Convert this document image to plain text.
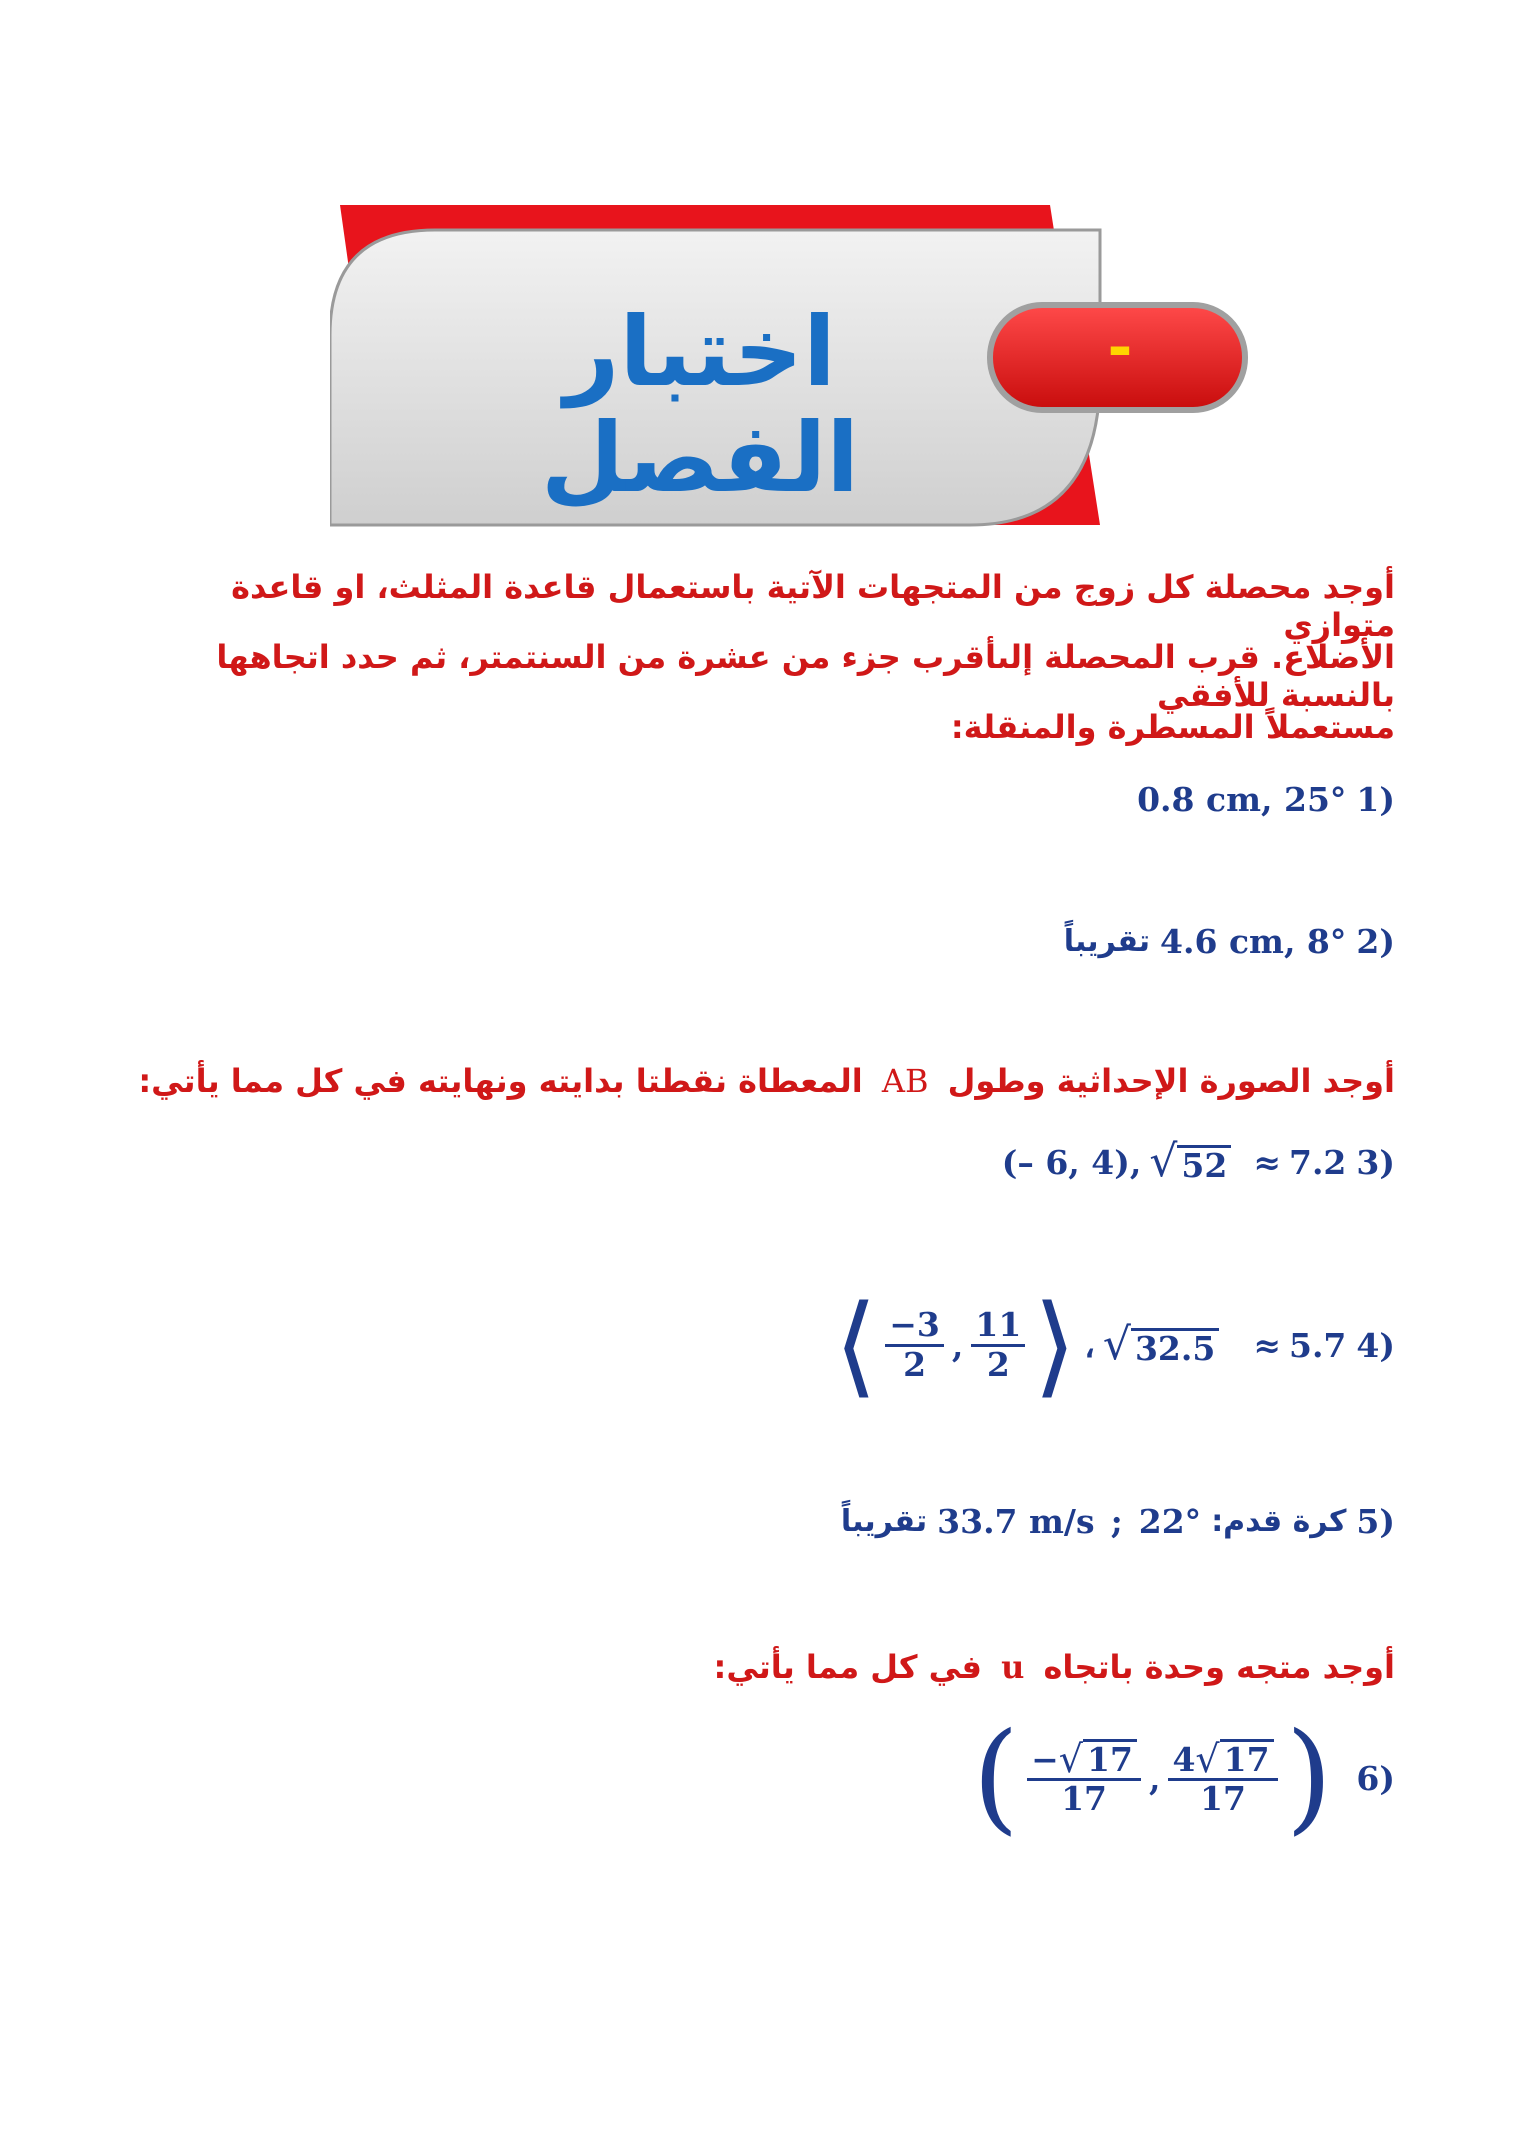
اختبار الفصل
-
أوجد محصلة كل زوج من المتجهات الآتية باستعمال قاعدة المثلث، او قاعدة متوازي
الأضلاع. قرب المحصلة إلىأقرب جزء من عشرة من السنتمتر، ثم حدد اتجاهها بالنسبة للأفقي
مستعملاً المسطرة والمنقلة:
(1
0.8 cm, 25°
(2
4.6 cm, 8°
تقريباً
أوجد الصورة الإحداثية وطول AB المعطاة نقطتا بدايته ونهايته في كل مما يأتي:
(3
(– 6, 4), √ 52 ≈ 7.2
(4
⟨ $\frac{-3}{2}$ , $\frac{11}{2}$ ⟩ ، √ 32.5	≈ 5.7
5)
كرة قدم:
33.7 m/s ; 22°
تقريباً
أوجد متجه وحدة باتجاه u في كل مما يأتي:
(6
( $\frac{- √ 17}{17}$ , $\frac{4 √ 17}{17}$ )
